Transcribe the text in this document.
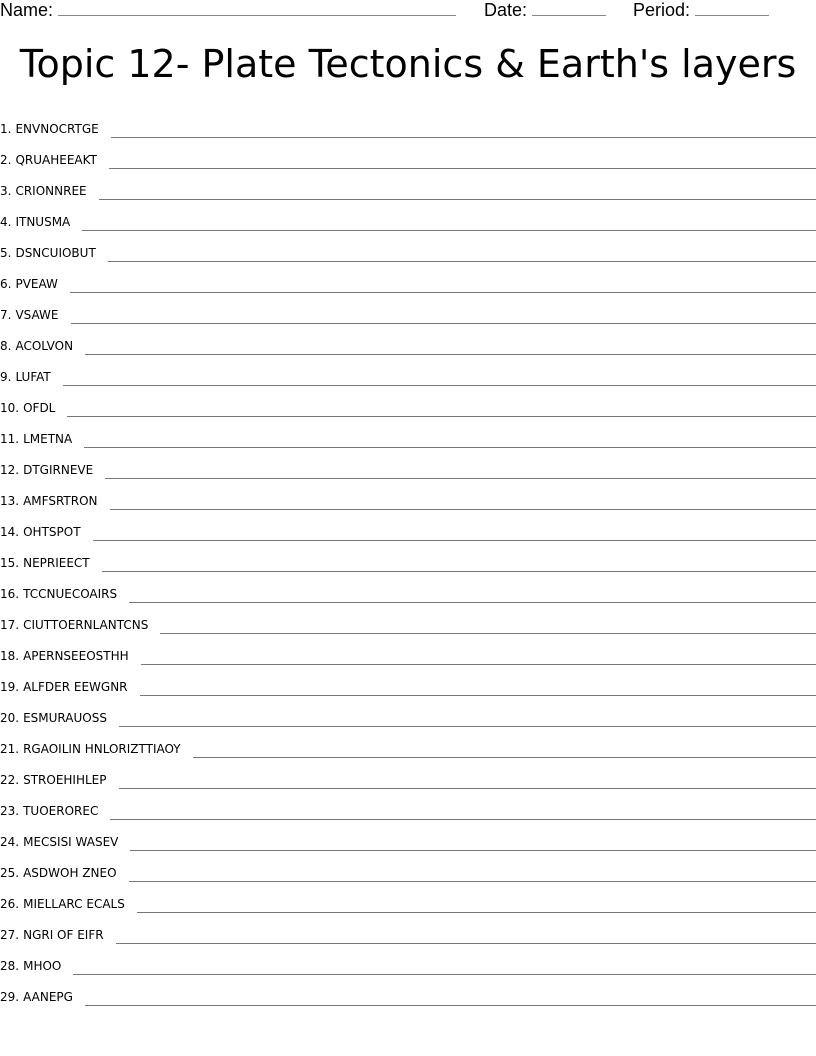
Name:	Date:	Period:
Topic 12- Plate Tectonics & Earth's layers
1. ENVNOCRTGE
2. QRUAHEEAKT
3. CRIONNREE
4. ITNUSMA
5. DSNCUIOBUT
6. PVEAW
7. VSAWE
8. ACOLVON
9. LUFAT
10. OFDL
11. LMETNA
12. DTGIRNEVE
13. AMFSRTRON
14. OHTSPOT
15. NEPRIEECT
16. TCCNUECOAIRS
17. CIUTTOERNLANTCNS
18. APERNSEEOSTHH
19. ALFDER EEWGNR
20. ESMURAUOSS
21. RGAOILIN HNLORIZTTIAOY
22. STROEHIHLEP
23. TUOEROREC
24. MECSISI WASEV
25. ASDWOH ZNEO
26. MIELLARC ECALS
27. NGRI OF EIFR
28. MHOO
29. AANEPG
